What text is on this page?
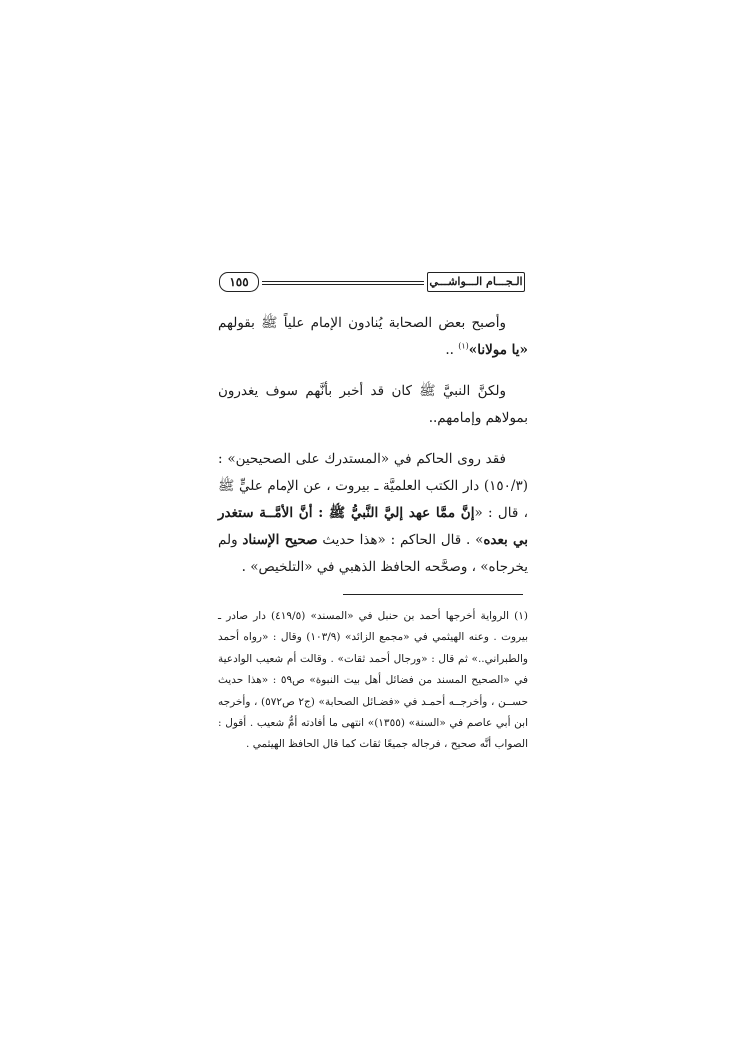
١٥٥	الـجـــام الـــواشـــي

وأصبح بعض الصحابة يُنادون الإمام علياً ﷺ بقولهم «يا مولانا»$^{(١)}$ ..

ولكنَّ النبيَّ ﷺ كان قد أخبر بأنَّهم سوف يغدرون بمولاهم وإمامهم..

فقد روى الحاكم في «المستدرك على الصحيحين» : (١٥٠/٣) دار الكتب العلميَّة ـ بيروت ، عن الإمام عليٍّ ﷺ ، قال : «إنَّ ممَّا عهد إليَّ النَّبيُّ ﷺ : أنَّ الأمَّــة ستغدر بي بعده» . قال الحاكم : «هذا حديث صحيح الإسناد ولم يخرجاه» ، وصحَّحه الحافظ الذهبي في «التلخيص» .

(١) الرواية أخرجها أحمد بن حنبل في «المسند» (٤١٩/٥) دار صادر ـ بيروت . وعنه الهيثمي في «مجمع الزائد» (١٠٣/٩) وقال : «رواه أحمد والطبراني..» ثم قال : «ورجال أحمد ثقات» . وقالت أم شعيب الوادعية في «الصحيح المسند من فضائل أهل بيت النبوة» ص٥٩ : «هذا حديث حســن ، وأخرجــه أحمـد في «فضـائل الصحابة» (ج٢ ص٥٧٢) ، وأخرجه ابن أبي عاصم في «السنة» (١٣٥٥)» انتهى ما أفادته أمُّ شعيب . أقول : الصواب أنَّه صحيح ، فرجاله جميعًا ثقات كما قال الحافظ الهيثمي .
